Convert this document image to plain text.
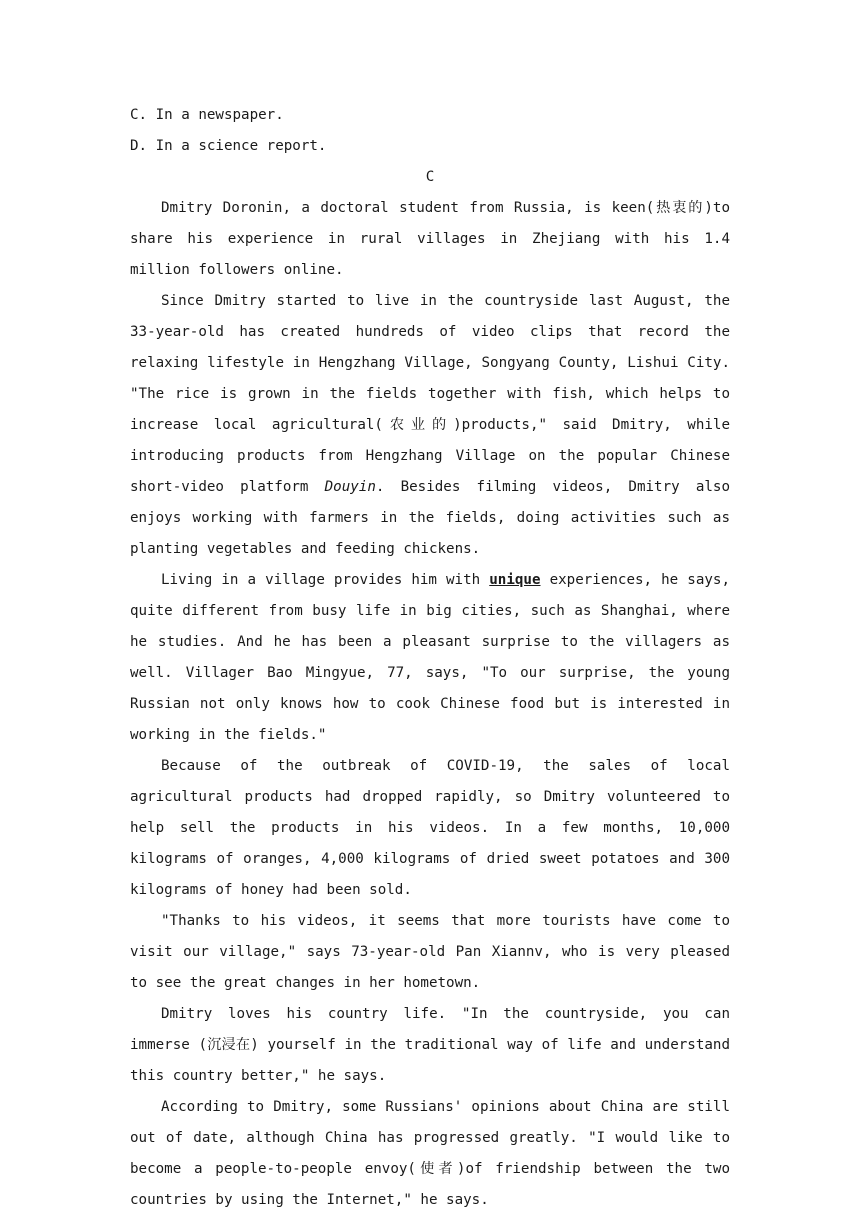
C. In a newspaper.

D. In a science report.

C

Dmitry Doronin, a doctoral student from Russia, is keen(热衷的)to share his experience in rural villages in Zhejiang with his 1.4 million followers online.

Since Dmitry started to live in the countryside last August, the 33-year-old has created hundreds of video clips that record the relaxing lifestyle in Hengzhang Village, Songyang County, Lishui City. "The rice is grown in the fields together with fish, which helps to increase local agricultural(农业的)products," said Dmitry, while introducing products from Hengzhang Village on the popular Chinese short-video platform Douyin. Besides filming videos, Dmitry also enjoys working with farmers in the fields, doing activities such as planting vegetables and feeding chickens.

Living in a village provides him with unique experiences, he says, quite different from busy life in big cities, such as Shanghai, where he studies. And he has been a pleasant surprise to the villagers as well. Villager Bao Mingyue, 77, says, "To our surprise, the young Russian not only knows how to cook Chinese food but is interested in working in the fields."

Because of the outbreak of COVID-19, the sales of local agricultural products had dropped rapidly, so Dmitry volunteered to help sell the products in his videos. In a few months, 10,000 kilograms of oranges, 4,000 kilograms of dried sweet potatoes and 300 kilograms of honey had been sold.

"Thanks to his videos, it seems that more tourists have come to visit our village," says 73-year-old Pan Xiannv, who is very pleased to see the great changes in her hometown.

Dmitry loves his country life. "In the countryside, you can immerse (沉浸在) yourself in the traditional way of life and understand this country better," he says.

According to Dmitry, some Russians' opinions about China are still out of date, although China has progressed greatly. "I would like to become a people-to-people envoy(使者)of friendship between the two countries by using the Internet," he says.
